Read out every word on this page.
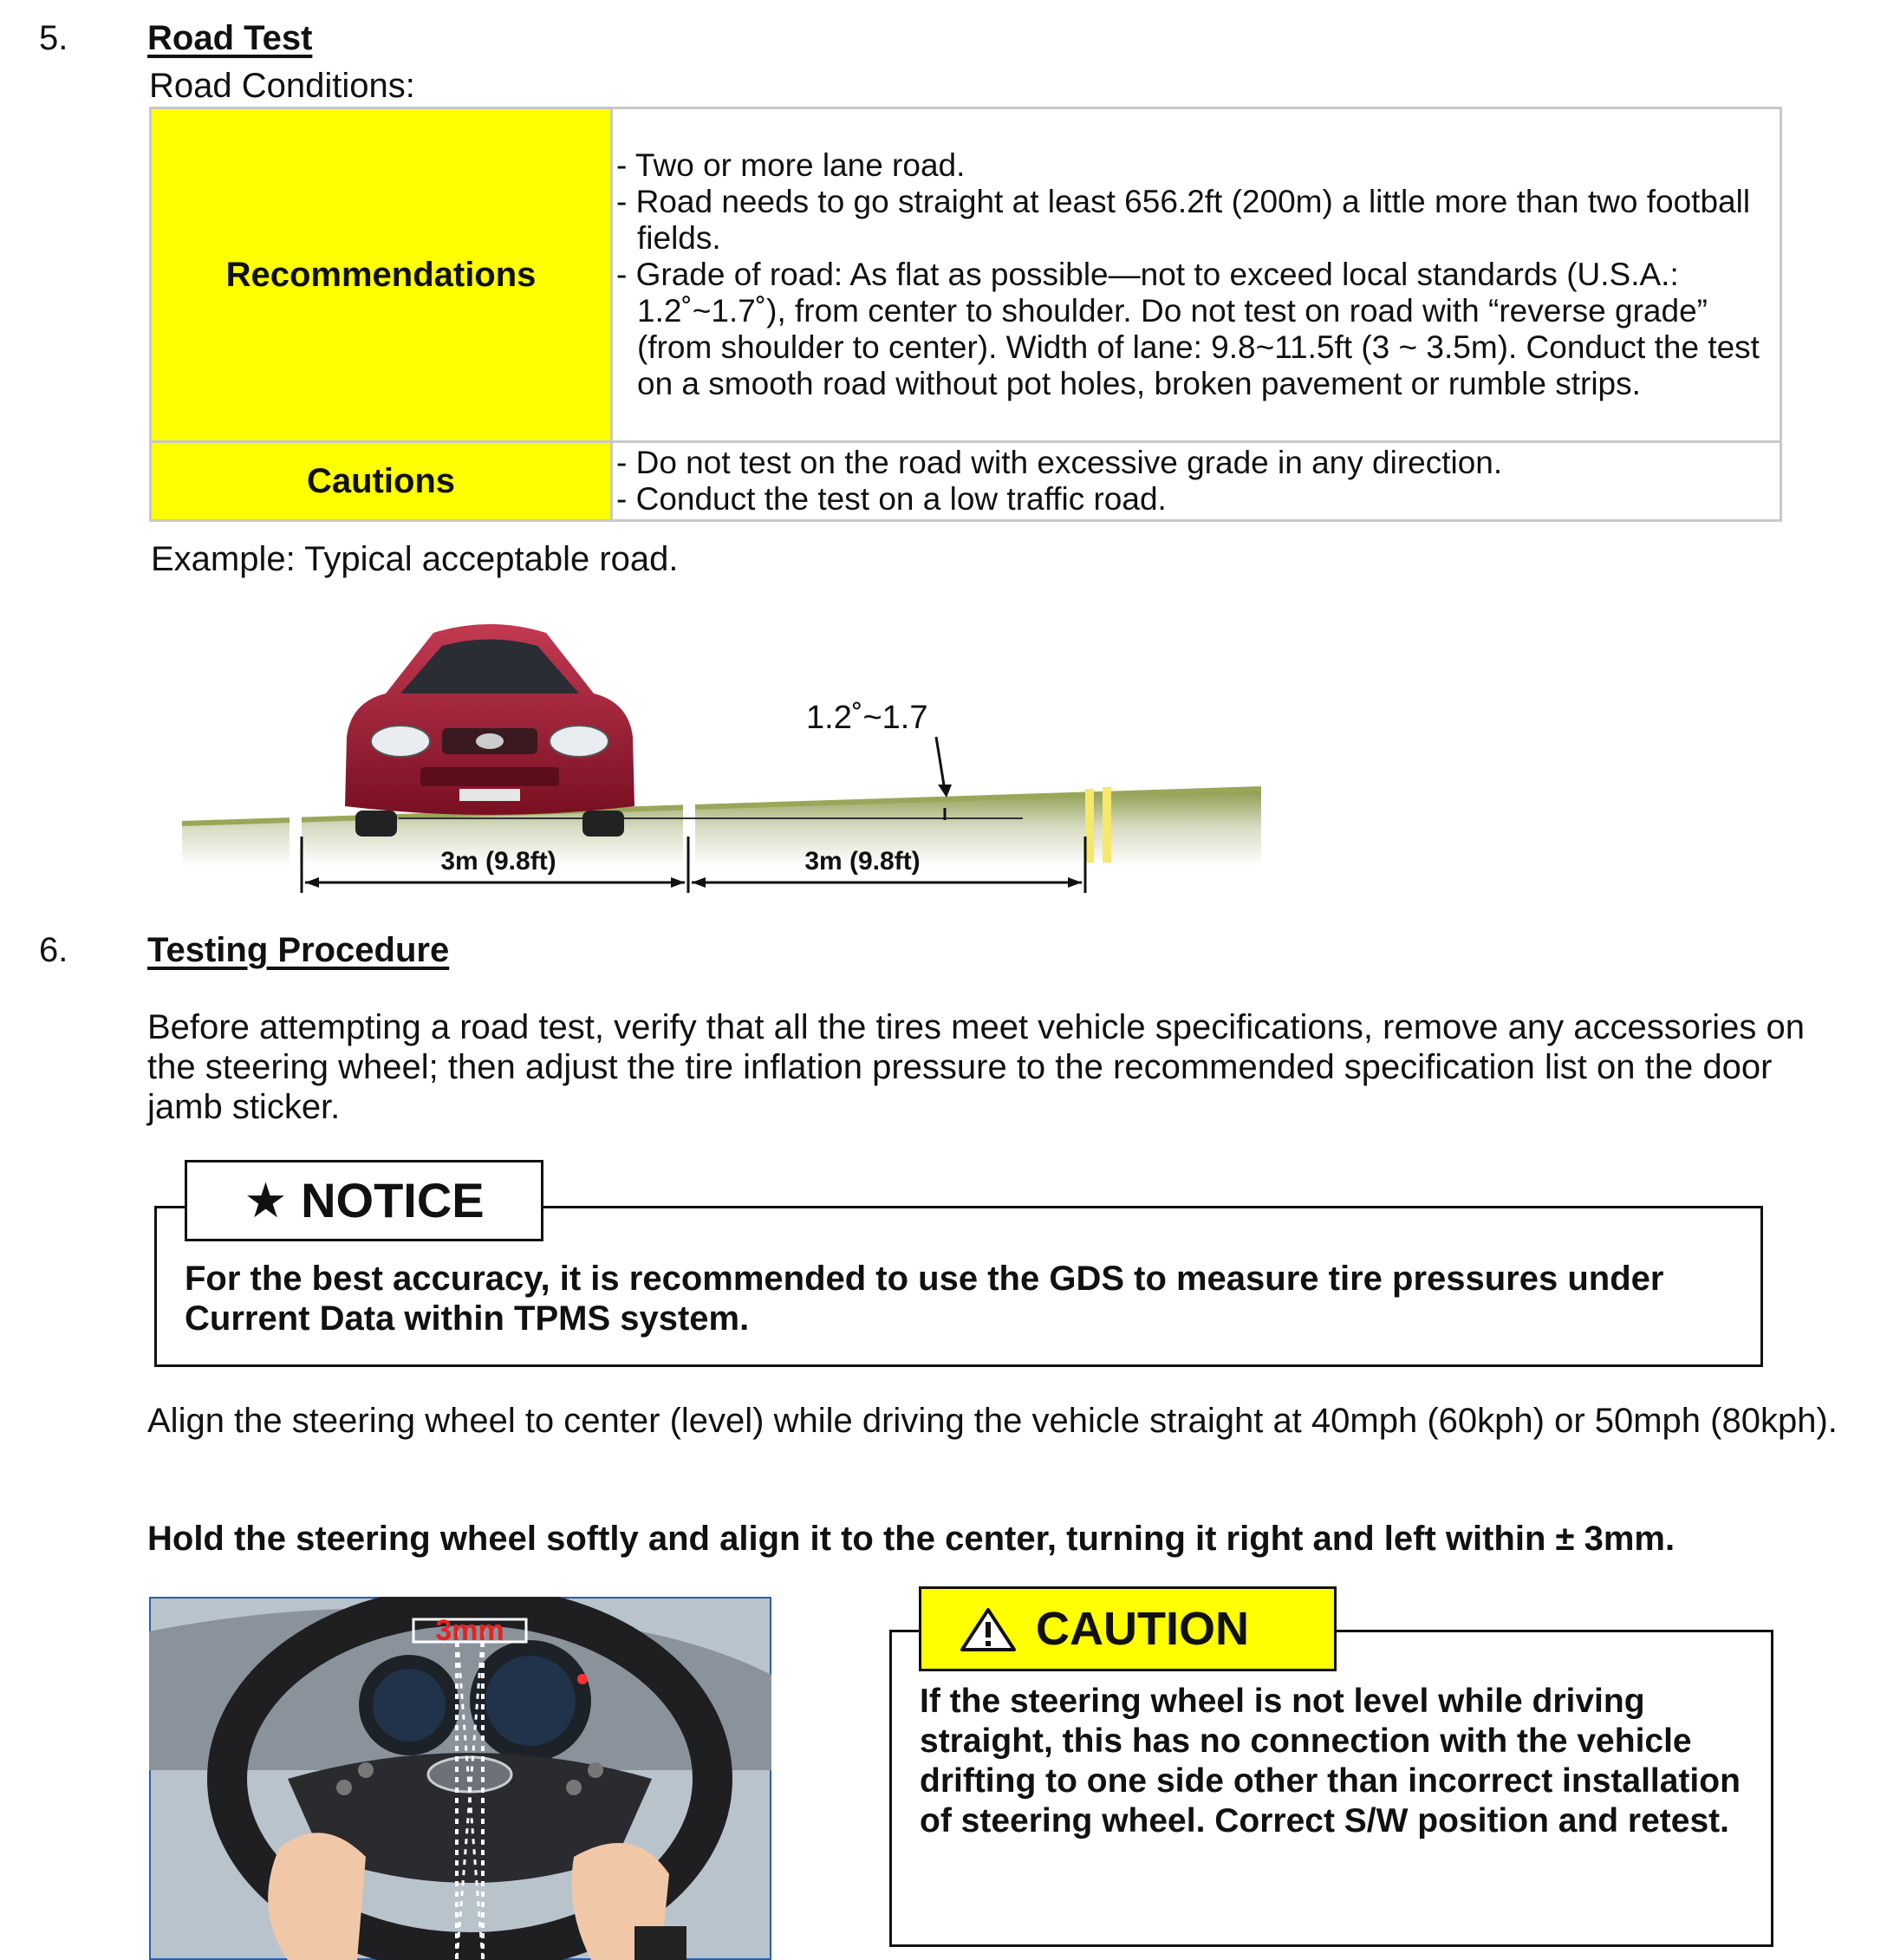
5. Road Test
Road Conditions:
Recommendations	- Two or more lane road.
- Road needs to go straight at least 656.2ft (200m) a little more than two football fields.
- Grade of road: As flat as possible—not to exceed local standards (U.S.A.: 1.2˚~1.7˚), from center to shoulder. Do not test on road with “reverse grade” (from shoulder to center). Width of lane: 9.8~11.5ft (3 ~ 3.5m). Conduct the test on a smooth road without pot holes, broken pavement or rumble strips.

Cautions	- Do not test on the road with excessive grade in any direction.
- Conduct the test on a low traffic road.
Example: Typical acceptable road.
1.2˚~1.7
3m (9.8ft)	3m (9.8ft)
6. Testing Procedure
Before attempting a road test, verify that all the tires meet vehicle specifications, remove any accessories on the steering wheel; then adjust the tire inflation pressure to the recommended specification list on the door jamb sticker.
★ NOTICE
For the best accuracy, it is recommended to use the GDS to measure tire pressures under Current Data within TPMS system.
Align the steering wheel to center (level) while driving the vehicle straight at 40mph (60kph) or 50mph (80kph).
Hold the steering wheel softly and align it to the center, turning it right and left within ± 3mm.
3mm	CAUTION
If the steering wheel is not level while driving straight, this has no connection with the vehicle drifting to one side other than incorrect installation of steering wheel. Correct S/W position and retest.
